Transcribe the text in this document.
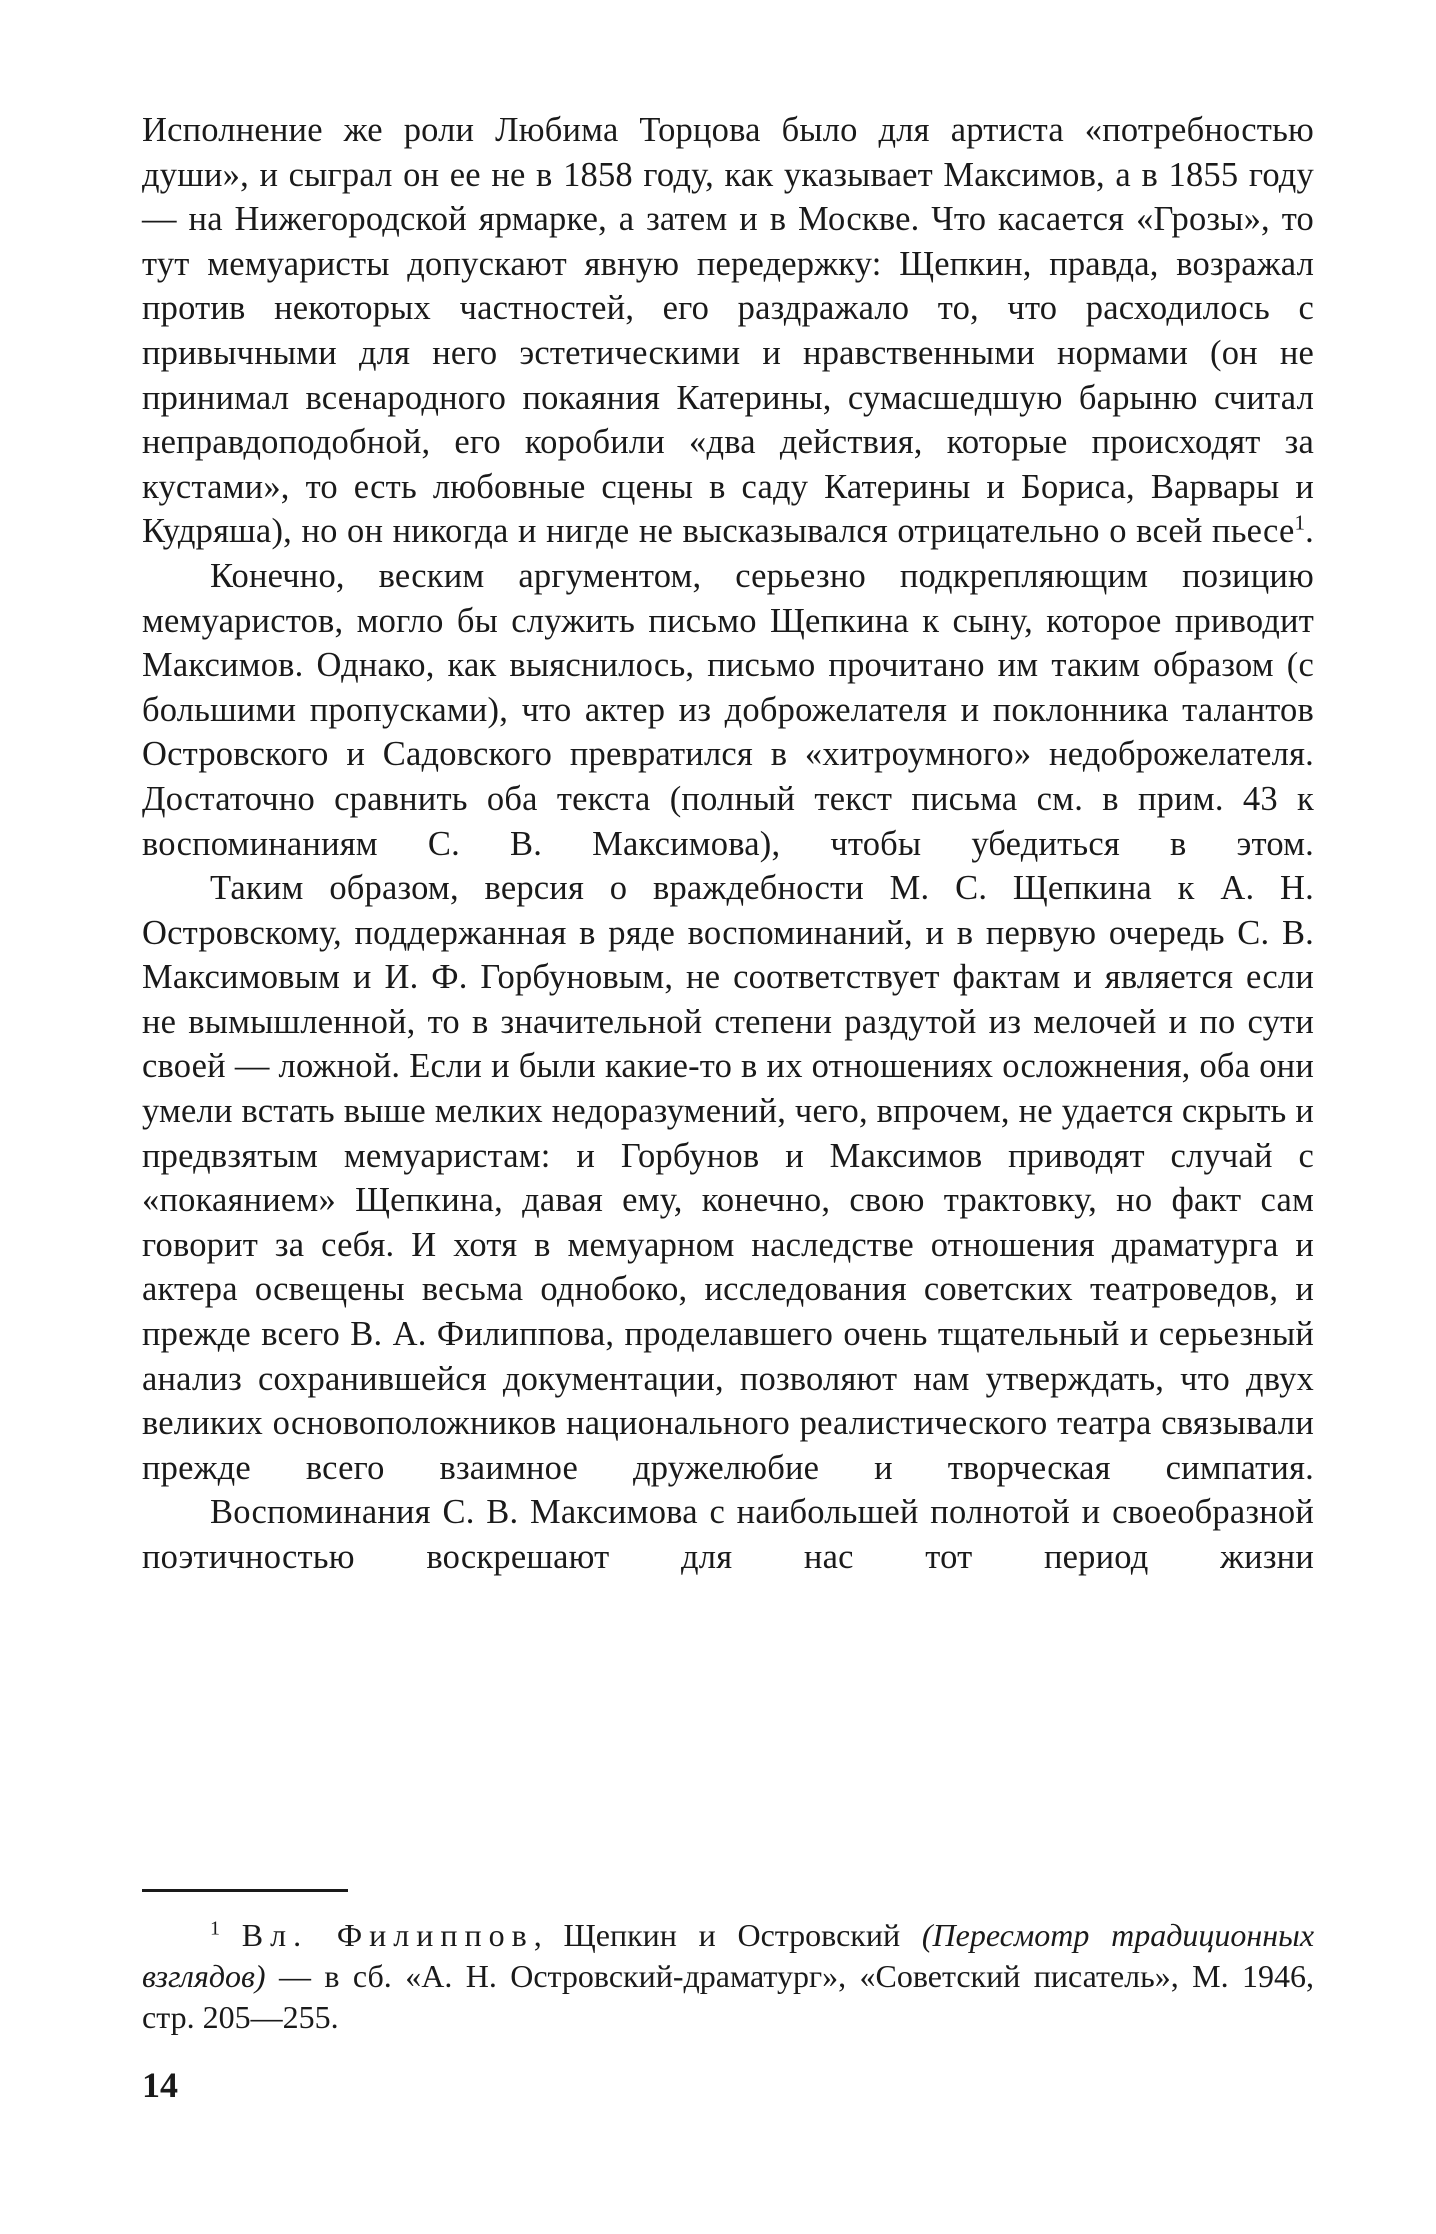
Исполнение же роли Любима Торцова было для артиста «потребностью души», и сыграл он ее не в 1858 году, как указывает Максимов, а в 1855 году — на Нижегородской ярмарке, а затем и в Москве. Что касается «Грозы», то тут мемуаристы допускают явную передержку: Щепкин, правда, возражал против некоторых частностей, его раздражало то, что расходилось с привычными для него эстетическими и нравственными нормами (он не принимал всенародного покаяния Катерины, сумасшедшую барыню считал неправдоподобной, его коробили «два действия, которые происходят за кустами», то есть любовные сцены в саду Катерины и Бориса, Варвары и Кудряша), но он никогда и нигде не высказывался отрицательно о всей пьесе$^1$.

Конечно, веским аргументом, серьезно подкрепляющим позицию мемуаристов, могло бы служить письмо Щепкина к сыну, которое приводит Максимов. Однако, как выяснилось, письмо прочитано им таким образом (с большими пропусками), что актер из доброжелателя и поклонника талантов Островского и Садовского превратился в «хитроумного» недоброжелателя. Достаточно сравнить оба текста (полный текст письма см. в прим. 43 к воспоминаниям С. В. Максимова), чтобы убедиться в этом.

Таким образом, версия о враждебности М. С. Щепкина к А. Н. Островскому, поддержанная в ряде воспоминаний, и в первую очередь С. В. Максимовым и И. Ф. Горбуновым, не соответствует фактам и является если не вымышленной, то в значительной степени раздутой из мелочей и по сути своей — ложной. Если и были какие-то в их отношениях осложнения, оба они умели встать выше мелких недоразумений, чего, впрочем, не удается скрыть и предвзятым мемуаристам: и Горбунов и Максимов приводят случай с «покаянием» Щепкина, давая ему, конечно, свою трактовку, но факт сам говорит за себя. И хотя в мемуарном наследстве отношения драматурга и актера освещены весьма однобоко, исследования советских театроведов, и прежде всего В. А. Филиппова, проделавшего очень тщательный и серьезный анализ сохранившейся документации, позволяют нам утверждать, что двух великих основоположников национального реалистического театра связывали прежде всего взаимное дружелюбие и творческая симпатия.

Воспоминания С. В. Максимова с наибольшей полнотой и своеобразной поэтичностью воскрешают для нас тот период жизни

$^1$ Вл. Филиппов, Щепкин и Островский (Пересмотр традиционных взглядов) — в сб. «А. Н. Островский-драматург», «Советский писатель», М. 1946, стр. 205—255.

14
